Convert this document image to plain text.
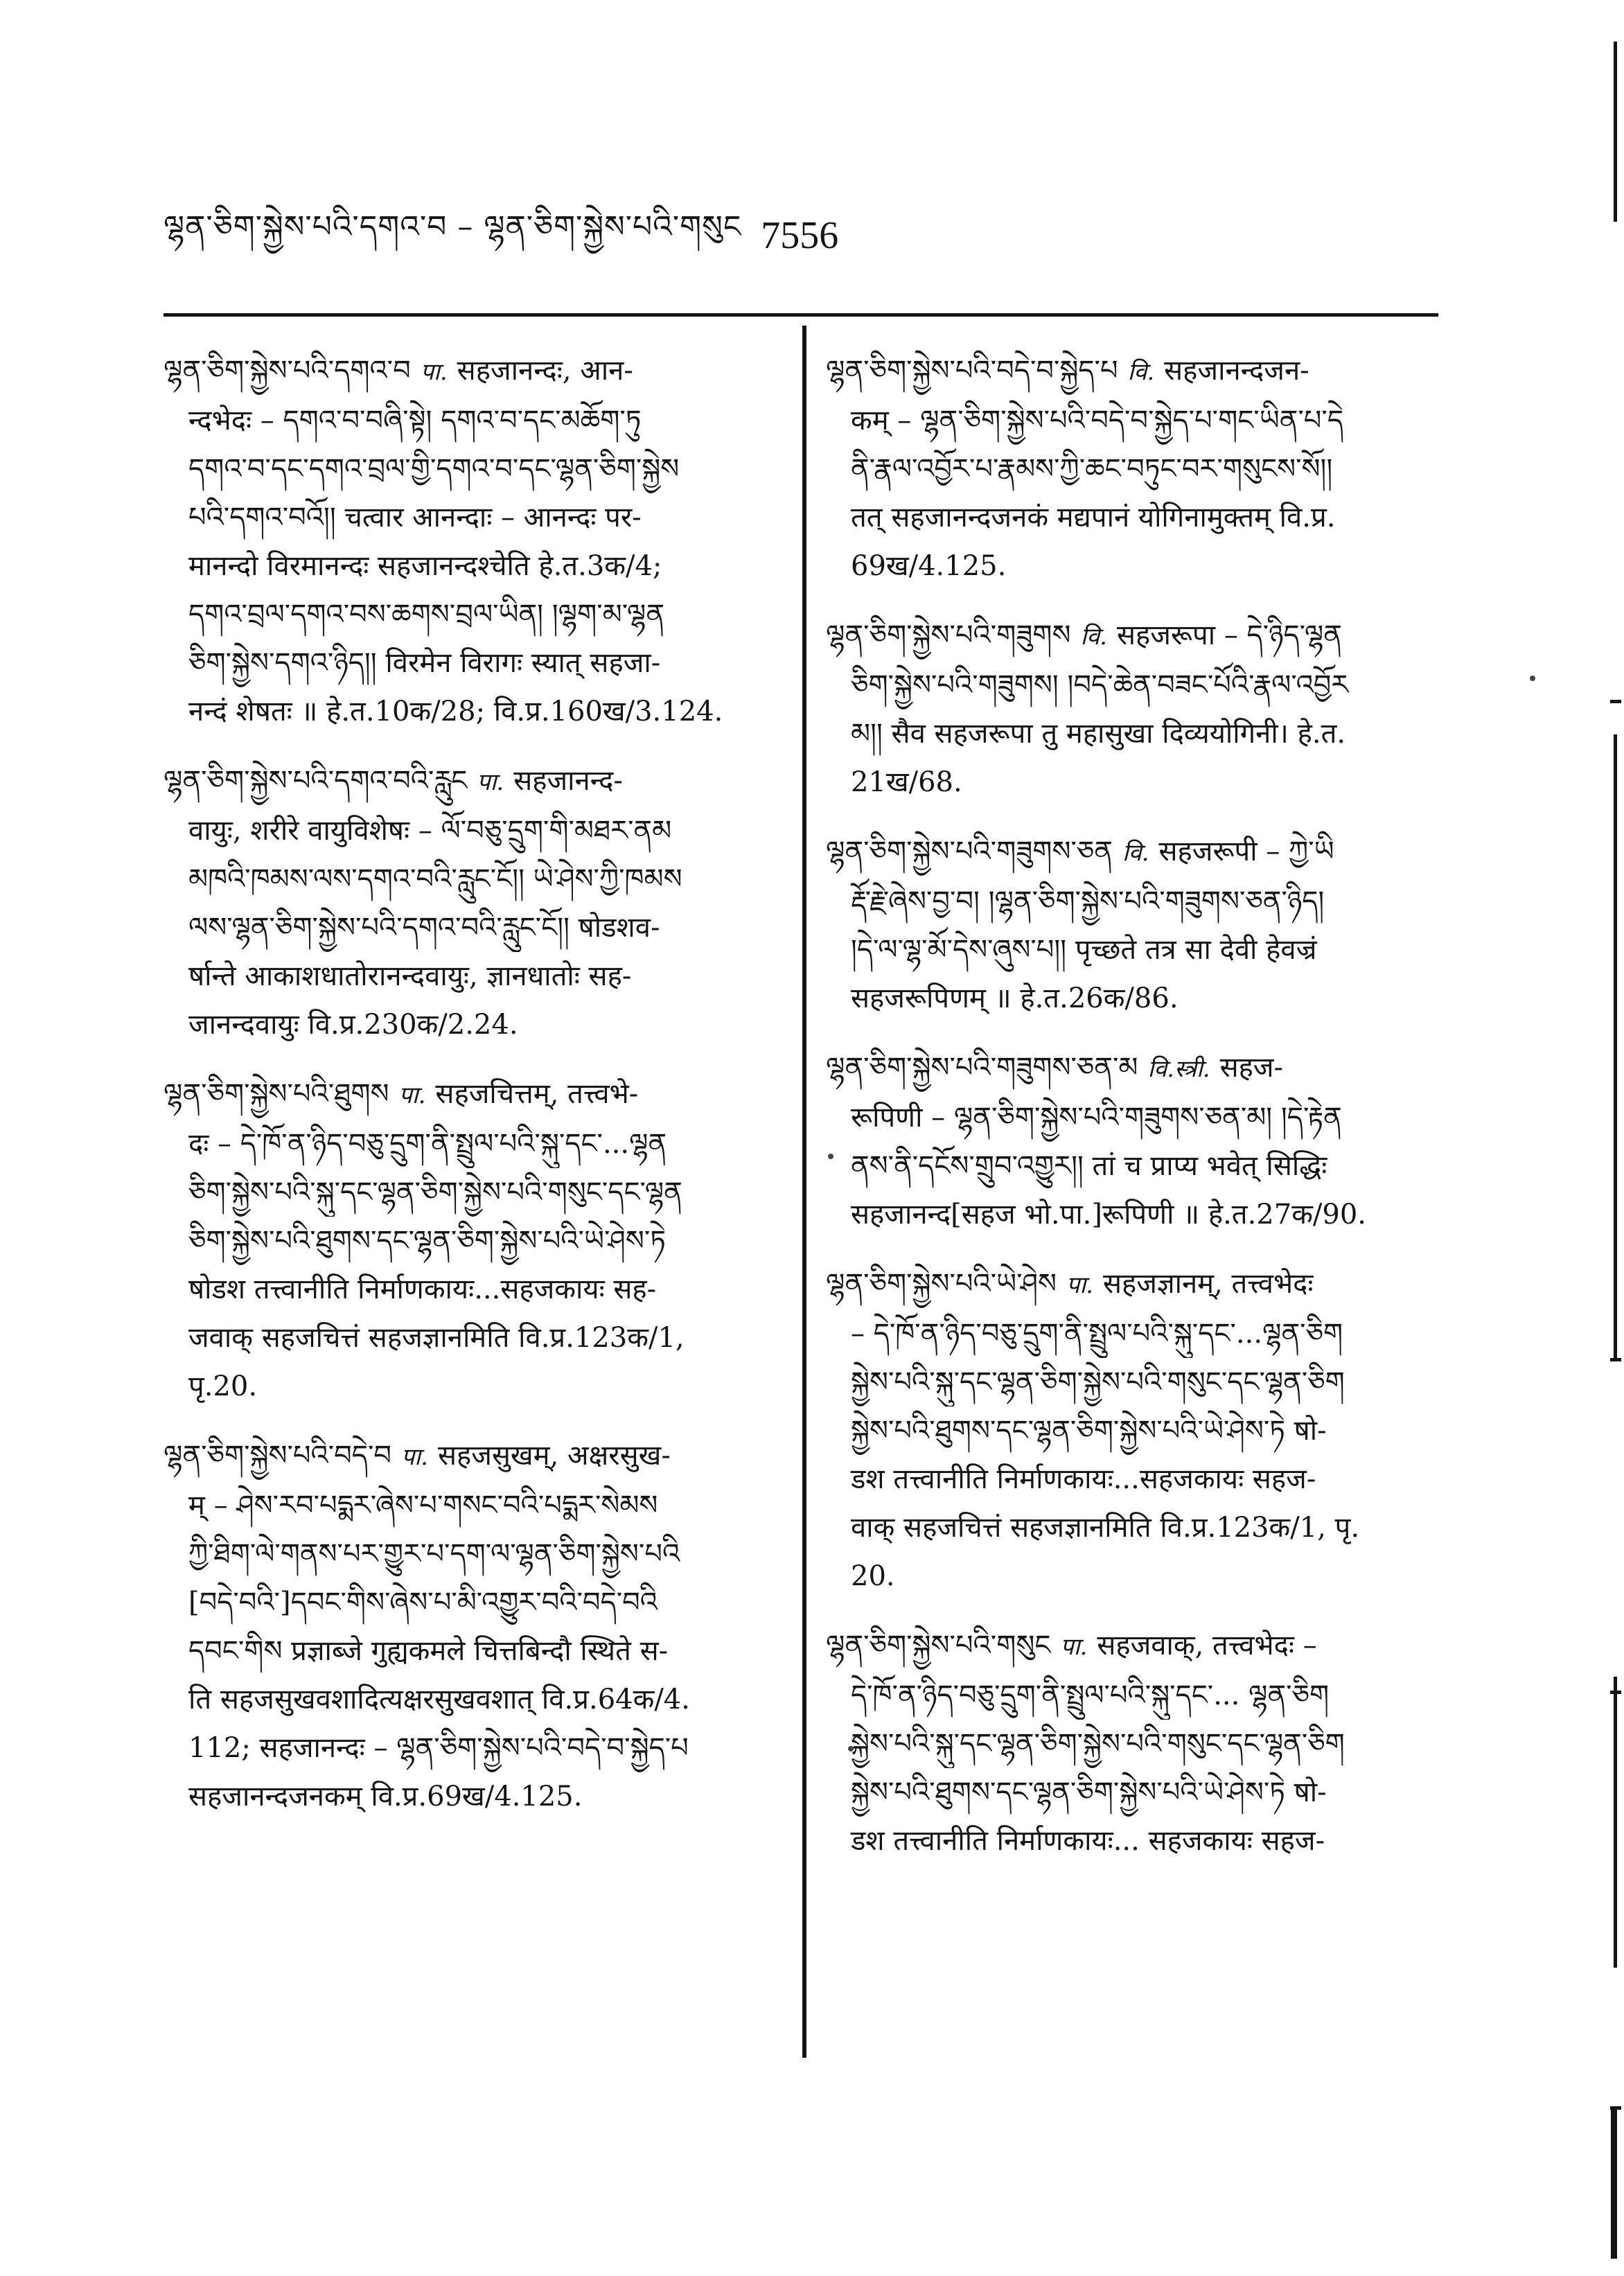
ལྷན་ཅིག་སྐྱེས་པའི་དགའ་བ – ལྷན་ཅིག་སྐྱེས་པའི་གསུང 7556
ལྷན་ཅིག་སྐྱེས་པའི་དགའ་བ पा. सहजानन्दः, आन-
न्दभेदः – དགའ་བ་བཞི་སྟེ། དགའ་བ་དང་མཆོག་ཏུ
དགའ་བ་དང་དགའ་བྲལ་གྱི་དགའ་བ་དང་ལྷན་ཅིག་སྐྱེས
པའི་དགའ་བའོ།། चत्वार आनन्दाः – आनन्दः पर-
मानन्दो विरमानन्दः सहजानन्दश्चेति हे.त.3क/4;
དགའ་བྲལ་དགའ་བས་ཆགས་བྲལ་ཡིན། །ལྷག་མ་ལྷན
ཅིག་སྐྱེས་དགའ་ཉིད།། विरमेन विरागः स्यात् सहजा-
नन्दं शेषतः ॥ हे.त.10क/28; वि.प्र.160ख/3.124.
ལྷན་ཅིག་སྐྱེས་པའི་དགའ་བའི་རླུང पा. सहजानन्द-
वायुः, शरीरे वायुविशेषः – ལོ་བཅུ་དྲུག་གི་མཐར་ནམ
མཁའི་ཁམས་ལས་དགའ་བའི་རླུང་ངོ།། ཡེ་ཤེས་ཀྱི་ཁམས
ལས་ལྷན་ཅིག་སྐྱེས་པའི་དགའ་བའི་རླུང་ངོ།། षोडशव-
र्षान्ते आकाशधातोरानन्दवायुः, ज्ञानधातोः सह-
जानन्दवायुः वि.प्र.230क/2.24.
ལྷན་ཅིག་སྐྱེས་པའི་ཐུགས पा. सहजचित्तम्, तत्त्वभे-
दः – དེ་ཁོ་ན་ཉིད་བཅུ་དྲུག་ནི་སྤྲུལ་པའི་སྐུ་དང་...ལྷན
ཅིག་སྐྱེས་པའི་སྐུ་དང་ལྷན་ཅིག་སྐྱེས་པའི་གསུང་དང་ལྷན
ཅིག་སྐྱེས་པའི་ཐུགས་དང་ལྷན་ཅིག་སྐྱེས་པའི་ཡེ་ཤེས་ཏེ
षोडश तत्त्वानीति निर्माणकायः...सहजकायः सह-
जवाक् सहजचित्तं सहजज्ञानमिति वि.प्र.123क/1,
पृ.20.
ལྷན་ཅིག་སྐྱེས་པའི་བདེ་བ पा. सहजसुखम्, अक्षरसुख-
म् – ཤེས་རབ་པདྨར་ཞེས་པ་གསང་བའི་པདྨར་སེམས
ཀྱི་ཐིག་ལེ་གནས་པར་གྱུར་པ་དག་ལ་ལྷན་ཅིག་སྐྱེས་པའི
[བདེ་བའི་]དབང་གིས་ཞེས་པ་མི་འགྱུར་བའི་བདེ་བའི
དབང་གིས प्रज्ञाब्जे गुह्यकमले चित्तबिन्दौ स्थिते स-
ति सहजसुखवशादित्यक्षरसुखवशात् वि.प्र.64क/4.
112; सहजानन्दः – ལྷན་ཅིག་སྐྱེས་པའི་བདེ་བ་སྐྱེད་པ
सहजानन्दजनकम् वि.प्र.69ख/4.125.
ལྷན་ཅིག་སྐྱེས་པའི་བདེ་བ་སྐྱེད་པ वि. सहजानन्दजन-
कम् – ལྷན་ཅིག་སྐྱེས་པའི་བདེ་བ་སྐྱེད་པ་གང་ཡིན་པ་དེ
ནི་རྣལ་འབྱོར་པ་རྣམས་ཀྱི་ཆང་བཏུང་བར་གསུངས་སོ།།
तत् सहजानन्दजनकं मद्यपानं योगिनामुक्तम् वि.प्र.
69ख/4.125.
ལྷན་ཅིག་སྐྱེས་པའི་གཟུགས वि. सहजरूपा – དེ་ཉིད་ལྷན
ཅིག་སྐྱེས་པའི་གཟུགས། །བདེ་ཆེན་བཟང་པོའི་རྣལ་འབྱོར
མ།། सैव सहजरूपा तु महासुखा दिव्ययोगिनी। हे.त.
21ख/68.
ལྷན་ཅིག་སྐྱེས་པའི་གཟུགས་ཅན वि. सहजरूपी – ཀྱེ་ཡི
རྡོ་རྗེ་ཞེས་བྱ་བ། །ལྷན་ཅིག་སྐྱེས་པའི་གཟུགས་ཅན་ཉིད།
།དེ་ལ་ལྷ་མོ་དེས་ཞུས་པ།། पृच्छते तत्र सा देवी हेवज्रं
सहजरूपिणम् ॥ हे.त.26क/86.
ལྷན་ཅིག་སྐྱེས་པའི་གཟུགས་ཅན་མ वि.स्त्री. सहज-
रूपिणी – ལྷན་ཅིག་སྐྱེས་པའི་གཟུགས་ཅན་མ། །དེ་རྟེན
ནས་ནི་དངོས་གྲུབ་འགྱུར།། तां च प्राप्य भवेत् सिद्धिः
सहजानन्द[सहज भो.पा.]रूपिणी ॥ हे.त.27क/90.
ལྷན་ཅིག་སྐྱེས་པའི་ཡེ་ཤེས पा. सहजज्ञानम्, तत्त्वभेदः
– དེ་ཁོ་ན་ཉིད་བཅུ་དྲུག་ནི་སྤྲུལ་པའི་སྐུ་དང་...ལྷན་ཅིག
སྐྱེས་པའི་སྐུ་དང་ལྷན་ཅིག་སྐྱེས་པའི་གསུང་དང་ལྷན་ཅིག
སྐྱེས་པའི་ཐུགས་དང་ལྷན་ཅིག་སྐྱེས་པའི་ཡེ་ཤེས་ཏེ षो-
डश तत्त्वानीति निर्माणकायः...सहजकायः सहज-
वाक् सहजचित्तं सहजज्ञानमिति वि.प्र.123क/1, पृ.
20.
ལྷན་ཅིག་སྐྱེས་པའི་གསུང पा. सहजवाक्, तत्त्वभेदः –
དེ་ཁོ་ན་ཉིད་བཅུ་དྲུག་ནི་སྤྲུལ་པའི་སྐུ་དང་... ལྷན་ཅིག
སྐྱེས་པའི་སྐུ་དང་ལྷན་ཅིག་སྐྱེས་པའི་གསུང་དང་ལྷན་ཅིག
སྐྱེས་པའི་ཐུགས་དང་ལྷན་ཅིག་སྐྱེས་པའི་ཡེ་ཤེས་ཏེ षो-
डश तत्त्वानीति निर्माणकायः... सहजकायः सहज-
